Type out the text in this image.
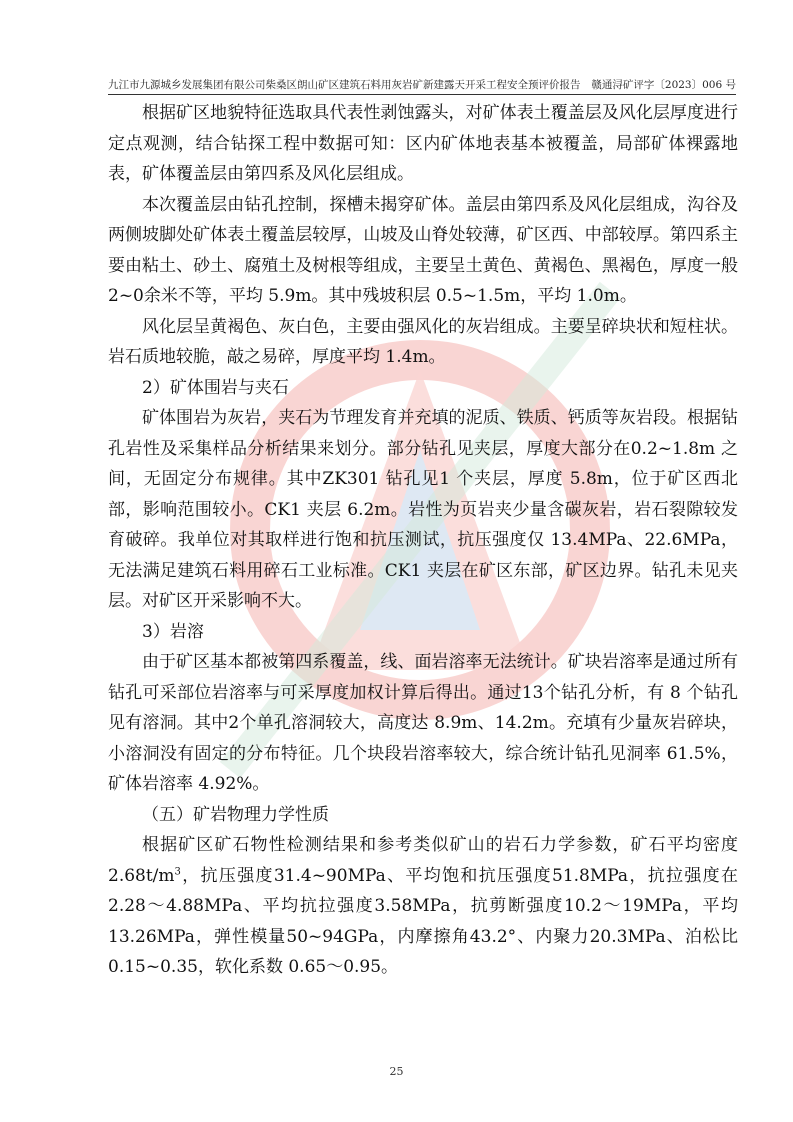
九江市九源城乡发展集团有限公司柴桑区朗山矿区建筑石料用灰岩矿新建露天开采工程安全预评价报告 赣通浔矿评字〔2023〕006 号

根据矿区地貌特征选取具代表性剥蚀露头，对矿体表土覆盖层及风化层厚度进行定点观测，结合钻探工程中数据可知：区内矿体地表基本被覆盖，局部矿体裸露地表，矿体覆盖层由第四系及风化层组成。

本次覆盖层由钻孔控制，探槽未揭穿矿体。盖层由第四系及风化层组成，沟谷及两侧坡脚处矿体表土覆盖层较厚，山坡及山脊处较薄，矿区西、中部较厚。第四系主要由粘土、砂土、腐殖土及树根等组成，主要呈土黄色、黄褐色、黑褐色，厚度一般 2~0余米不等，平均 5.9m。其中残坡积层 0.5~1.5m，平均 1.0m。

风化层呈黄褐色、灰白色，主要由强风化的灰岩组成。主要呈碎块状和短柱状。岩石质地较脆，敲之易碎，厚度平均 1.4m。

2）矿体围岩与夹石

矿体围岩为灰岩，夹石为节理发育并充填的泥质、铁质、钙质等灰岩段。根据钻孔岩性及采集样品分析结果来划分。部分钻孔见夹层，厚度大部分在0.2~1.8m 之间，无固定分布规律。其中ZK301 钻孔见1 个夹层，厚度 5.8m，位于矿区西北部，影响范围较小。CK1 夹层 6.2m。岩性为页岩夹少量含碳灰岩，岩石裂隙较发育破碎。我单位对其取样进行饱和抗压测试，抗压强度仅 13.4MPa、22.6MPa，无法满足建筑石料用碎石工业标准。CK1 夹层在矿区东部，矿区边界。钻孔未见夹层。对矿区开采影响不大。

3）岩溶

由于矿区基本都被第四系覆盖，线、面岩溶率无法统计。矿块岩溶率是通过所有钻孔可采部位岩溶率与可采厚度加权计算后得出。通过13个钻孔分析，有 8 个钻孔见有溶洞。其中2个单孔溶洞较大，高度达 8.9m、14.2m。充填有少量灰岩碎块，小溶洞没有固定的分布特征。几个块段岩溶率较大，综合统计钻孔见洞率 61.5%，矿体岩溶率 4.92%。

（五）矿岩物理力学性质

根据矿区矿石物性检测结果和参考类似矿山的岩石力学参数，矿石平均密度$2.68t/m^3$，抗压强度31.4~90MPa、平均饱和抗压强度51.8MPa，抗拉强度在2.28～4.88MPa、平均抗拉强度3.58MPa，抗剪断强度10.2～19MPa，平均13.26MPa，弹性模量50~94GPa，内摩擦角43.2°、内聚力20.3MPa、泊松比0.15~0.35，软化系数 0.65～0.95。

25
